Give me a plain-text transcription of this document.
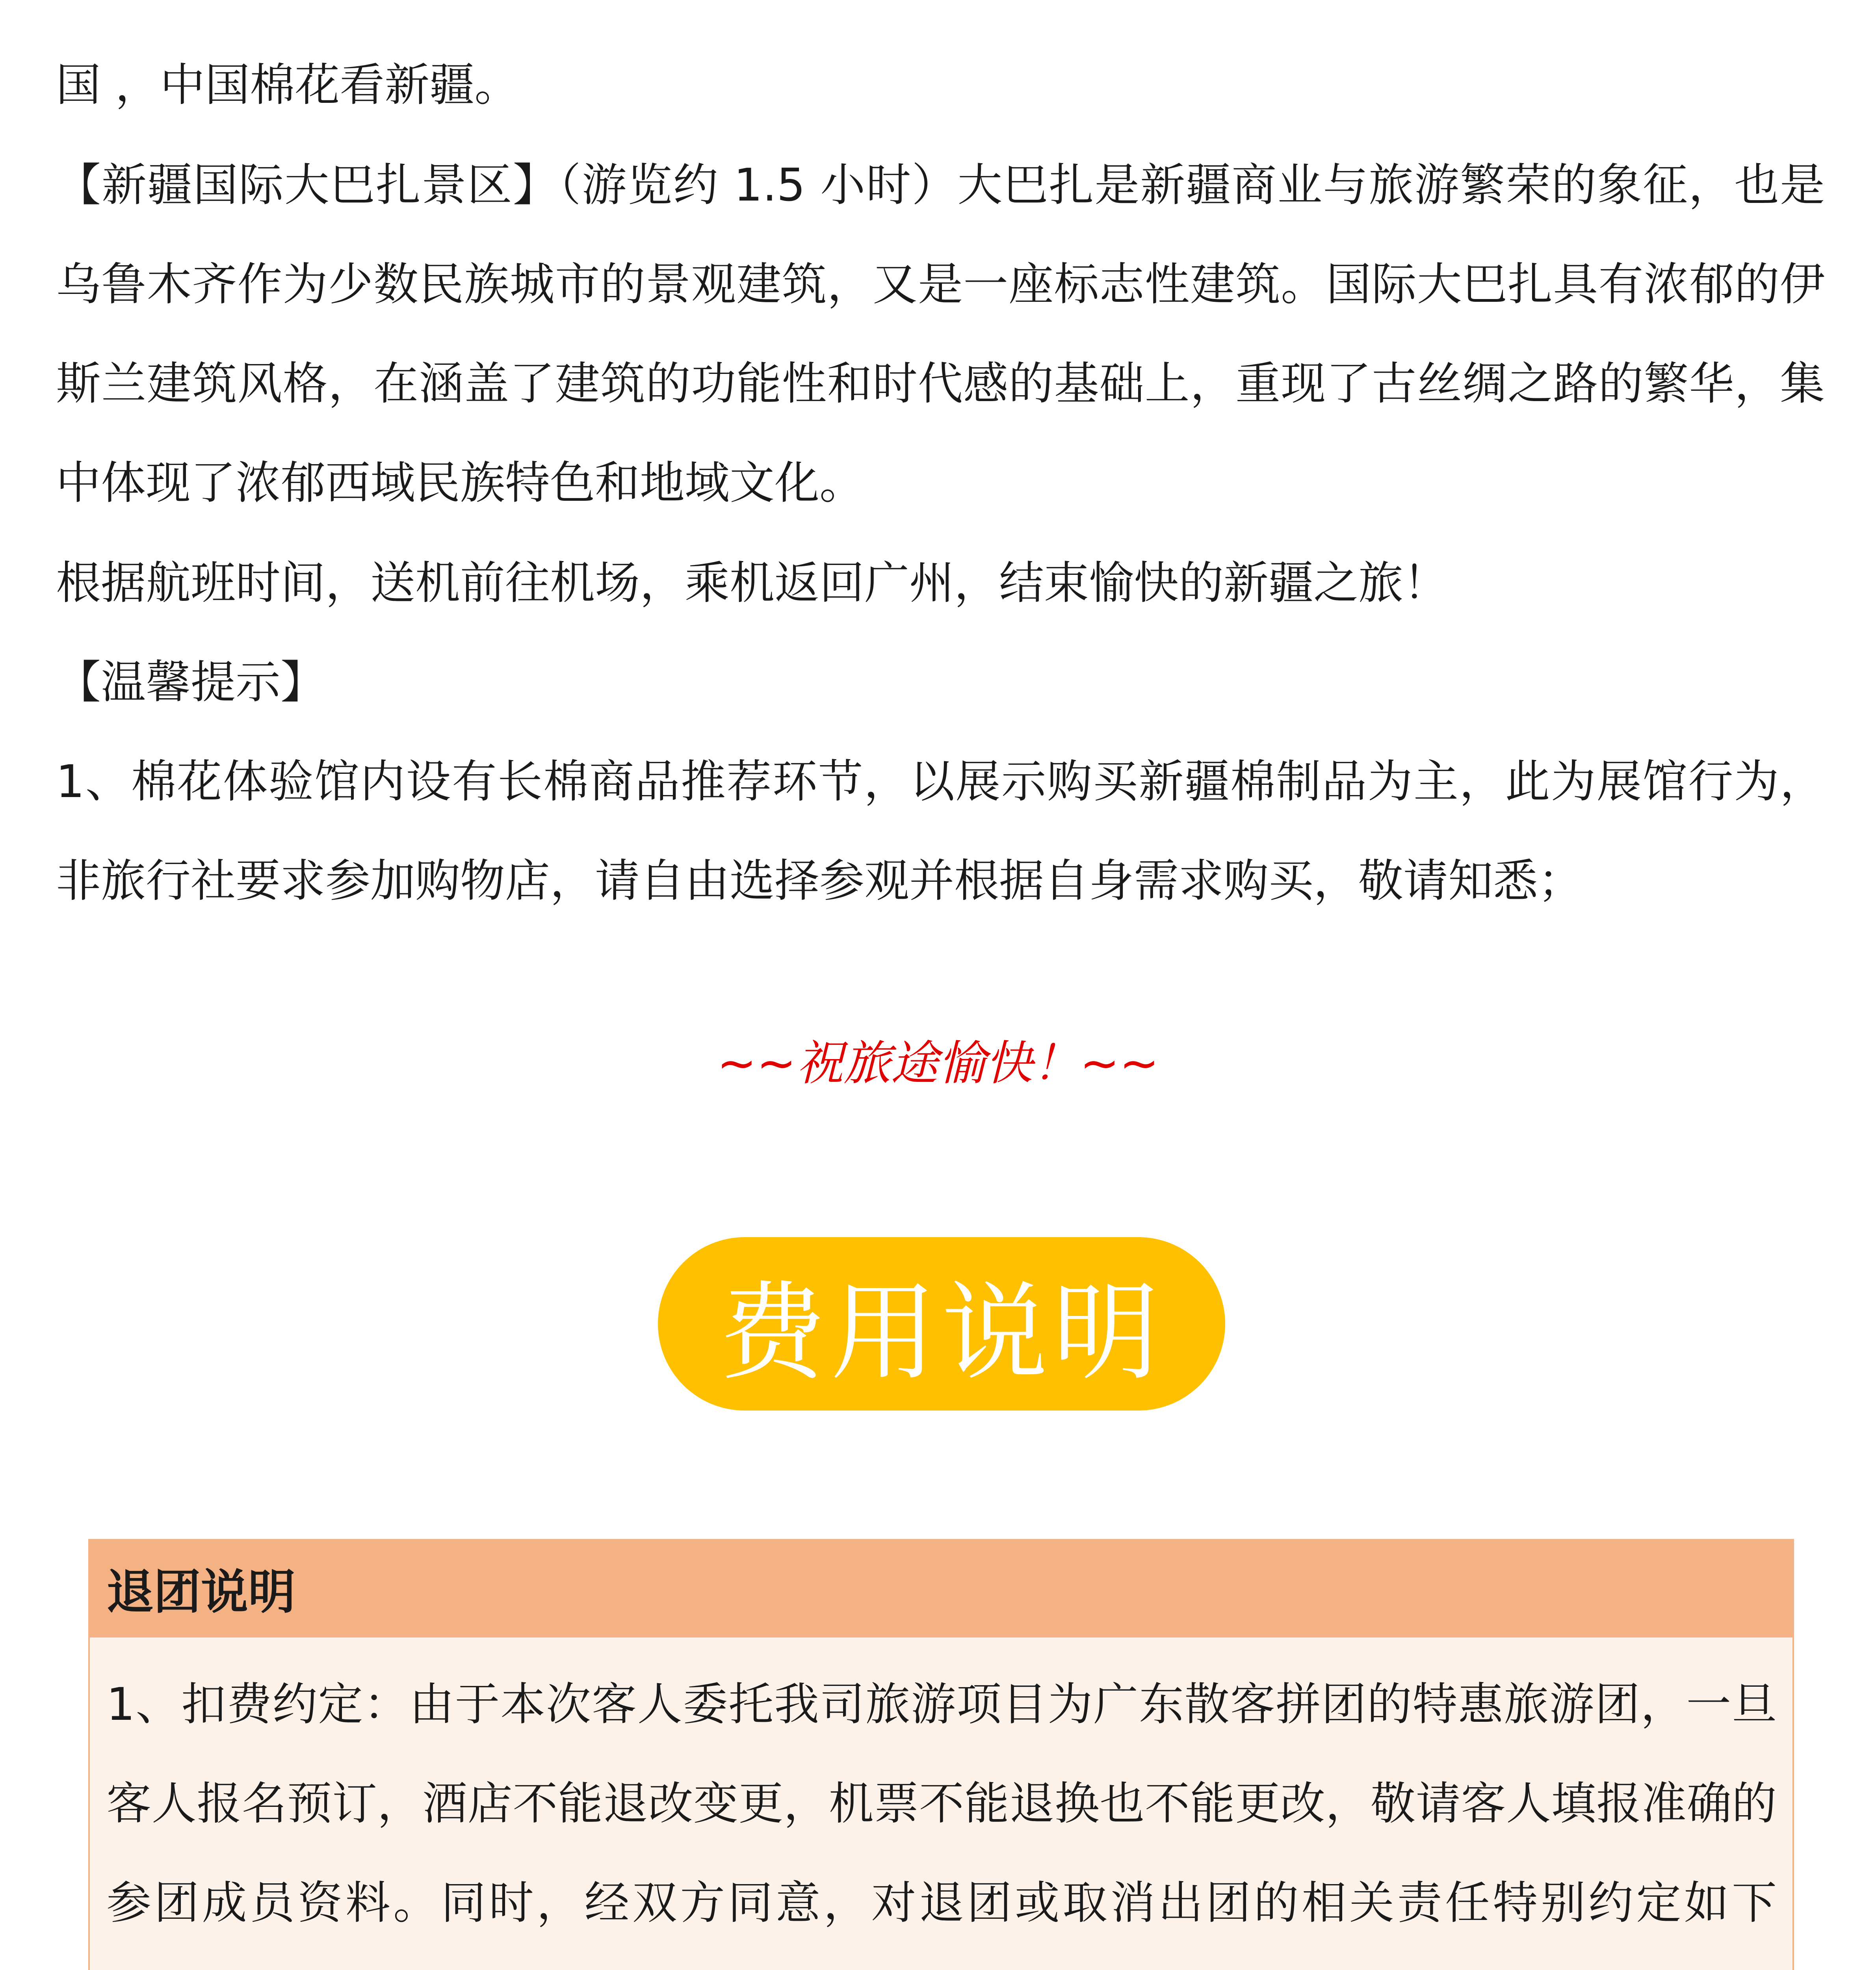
国 ，中国棉花看新疆。

【新疆国际大巴扎景区】（游览约 1.5 小时）大巴扎是新疆商业与旅游繁荣的象征，也是乌鲁木齐作为少数民族城市的景观建筑，又是一座标志性建筑。国际大巴扎具有浓郁的伊斯兰建筑风格，在涵盖了建筑的功能性和时代感的基础上，重现了古丝绸之路的繁华，集中体现了浓郁西域民族特色和地域文化。

根据航班时间，送机前往机场，乘机返回广州，结束愉快的新疆之旅！

【温馨提示】

1、棉花体验馆内设有长棉商品推荐环节，以展示购买新疆棉制品为主，此为展馆行为，非旅行社要求参加购物店，请自由选择参观并根据自身需求购买，敬请知悉；

~~祝旅途愉快！~~
费用说明
退团说明

1、扣费约定：由于本次客人委托我司旅游项目为广东散客拼团的特惠旅游团，一旦客人报名预订，酒店不能退改变更，机票不能退换也不能更改，敬请客人填报准确的参团成员资料。同时，经双方同意，对退团或取消出团的相关责任特别约定如下
